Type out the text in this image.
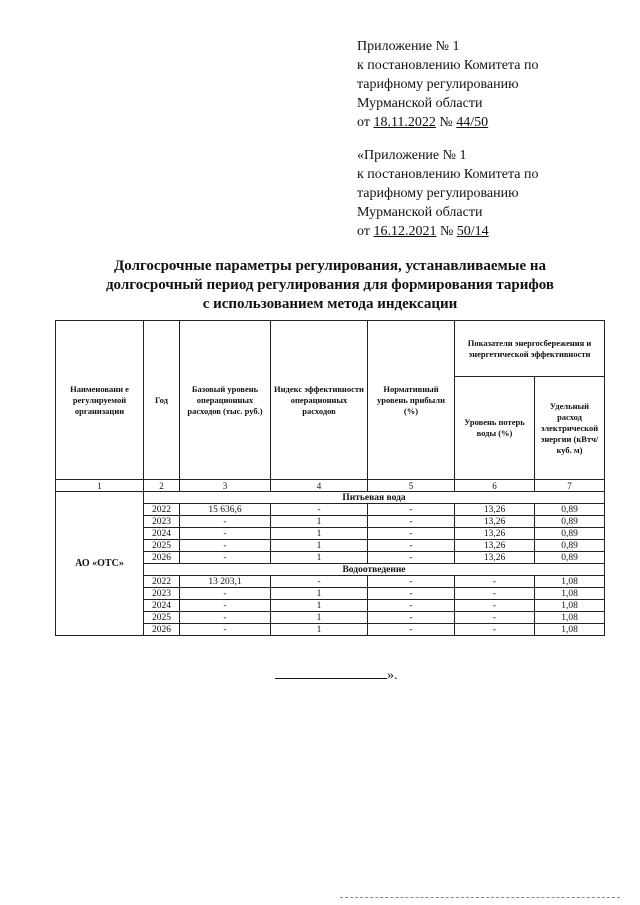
Приложение № 1
к постановлению Комитета по
тарифному регулированию
Мурманской области
от 18.11.2022 № 44/50
«Приложение № 1
к постановлению Комитета по
тарифному регулированию
Мурманской области
от 16.12.2021 № 50/14
Долгосрочные параметры регулирования, устанавливаемые на
долгосрочный период регулирования для формирования тарифов
с использованием метода индексации
Наименовани е регулируемой организации	Год	Базовый уровень операционных расходов (тыс. руб.)	Индекс эффективности операционных расходов	Нормативный уровень прибыли (%)	Показатели энергосбережения и энергетической эффективности	
					Уровень потерь воды (%)	Удельный расход электрической энергии (кВтч/куб. м)
1	2	3	4	5	6	7
АО «ОТС»	Питьевая вода					
	2022	15 636,6	-	-	13,26	0,89
	2023	-	1	-	13,26	0,89
	2024	-	1	-	13,26	0,89
	2025	-	1	-	13,26	0,89
	2026	-	1	-	13,26	0,89
	Водоотведение					
	2022	13 203,1	-	-	-	1,08
	2023	-	1	-	-	1,08
	2024	-	1	-	-	1,08
	2025	-	1	-	-	1,08
	2026	-	1	-	-	1,08
».
